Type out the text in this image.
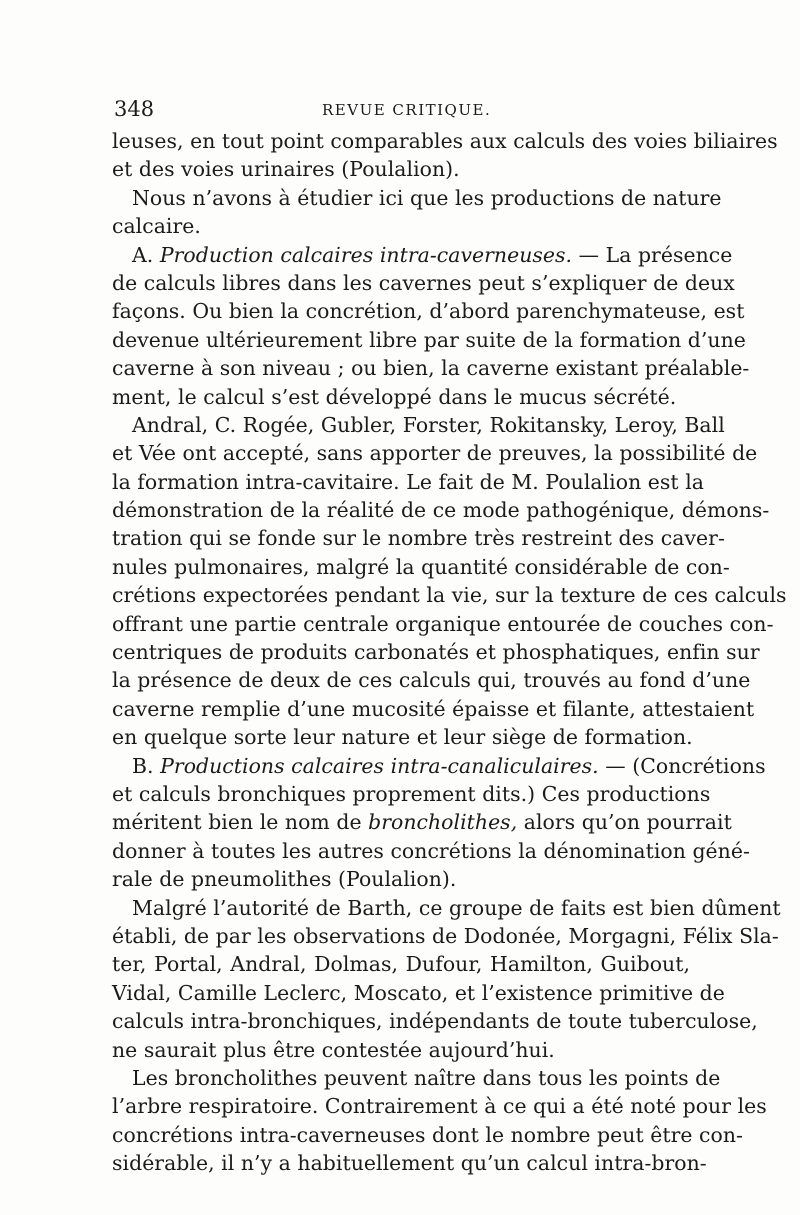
348	REVUE CRITIQUE.
leuses, en tout point comparables aux calculs des voies biliaires
et des voies urinaires (Poulalion).
Nous n’avons à étudier ici que les productions de nature
calcaire.
A. Production calcaires intra-caverneuses. — La présence
de calculs libres dans les cavernes peut s’expliquer de deux
façons. Ou bien la concrétion, d’abord parenchymateuse, est
devenue ultérieurement libre par suite de la formation d’une
caverne à son niveau ; ou bien, la caverne existant préalable-
ment, le calcul s’est développé dans le mucus sécrété.
Andral, C. Rogée, Gubler, Forster, Rokitansky, Leroy, Ball
et Vée ont accepté, sans apporter de preuves, la possibilité de
la formation intra-cavitaire. Le fait de M. Poulalion est la
démonstration de la réalité de ce mode pathogénique, démons-
tration qui se fonde sur le nombre très restreint des caver-
nules pulmonaires, malgré la quantité considérable de con-
crétions expectorées pendant la vie, sur la texture de ces calculs
offrant une partie centrale organique entourée de couches con-
centriques de produits carbonatés et phosphatiques, enfin sur
la présence de deux de ces calculs qui, trouvés au fond d’une
caverne remplie d’une mucosité épaisse et filante, attestaient
en quelque sorte leur nature et leur siège de formation.
B. Productions calcaires intra-canaliculaires. — (Concrétions
et calculs bronchiques proprement dits.) Ces productions
méritent bien le nom de broncholithes, alors qu’on pourrait
donner à toutes les autres concrétions la dénomination géné-
rale de pneumolithes (Poulalion).
Malgré l’autorité de Barth, ce groupe de faits est bien dûment
établi, de par les observations de Dodonée, Morgagni, Félix Sla-
ter, Portal, Andral, Dolmas, Dufour, Hamilton, Guibout,
Vidal, Camille Leclerc, Moscato, et l’existence primitive de
calculs intra-bronchiques, indépendants de toute tuberculose,
ne saurait plus être contestée aujourd’hui.
Les broncholithes peuvent naître dans tous les points de
l’arbre respiratoire. Contrairement à ce qui a été noté pour les
concrétions intra-caverneuses dont le nombre peut être con-
sidérable, il n’y a habituellement qu’un calcul intra-bron-
